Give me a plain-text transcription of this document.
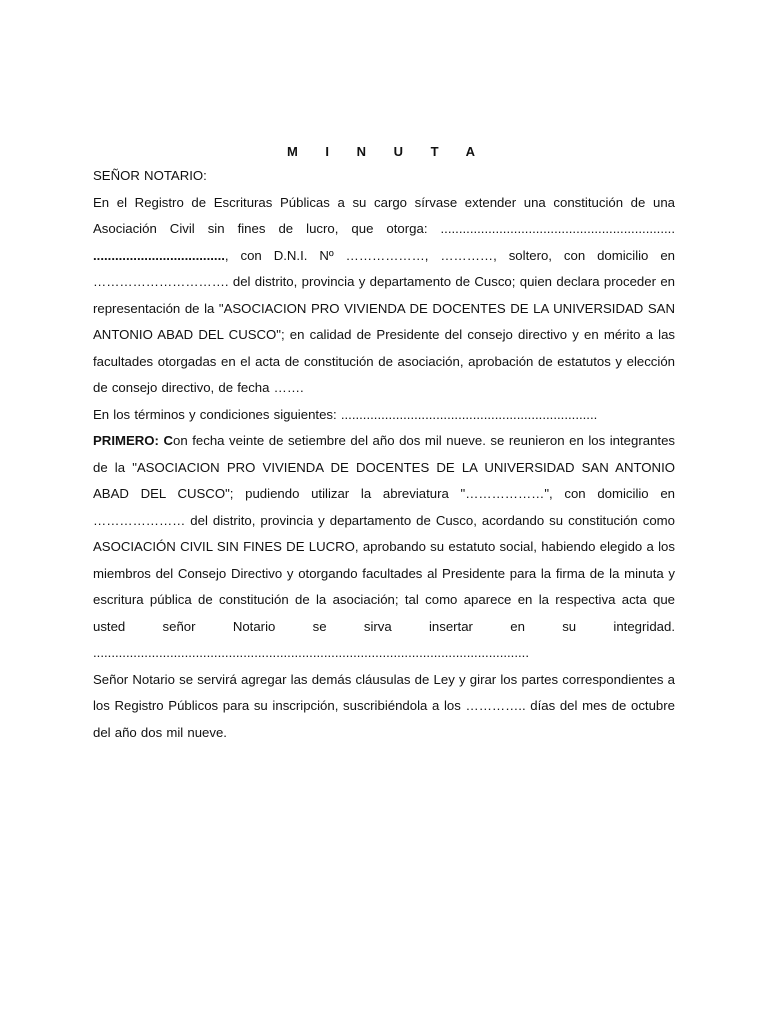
M I N U T A

SEÑOR NOTARIO:

En el Registro de Escrituras Públicas a su cargo sírvase extender una constitución de una Asociación Civil sin fines de lucro, que otorga: ................................................................ ...................................., con D.N.I. Nº ………………, …………, soltero, con domicilio en …………………………. del distrito, provincia y departamento de Cusco; quien declara proceder en representación de la "ASOCIACION PRO VIVIENDA DE DOCENTES DE LA UNIVERSIDAD SAN ANTONIO ABAD DEL CUSCO"; en calidad de Presidente del consejo directivo y en mérito a las facultades otorgadas en el acta de constitución de asociación, aprobación de estatutos y elección de consejo directivo, de fecha …….

En los términos y condiciones siguientes: ......................................................................

PRIMERO: Con fecha veinte de setiembre del año dos mil nueve. se reunieron en los integrantes de la "ASOCIACION PRO VIVIENDA DE DOCENTES DE LA UNIVERSIDAD SAN ANTONIO ABAD DEL CUSCO"; pudiendo utilizar la abreviatura "………………", con domicilio en ………………… del distrito, provincia y departamento de Cusco, acordando su constitución como ASOCIACIÓN CIVIL SIN FINES DE LUCRO, aprobando su estatuto social, habiendo elegido a los miembros del Consejo Directivo y otorgando facultades al Presidente para la firma de la minuta y escritura pública de constitución de la asociación; tal como aparece en la respectiva acta que usted señor Notario se sirva insertar en su integridad. .......................................................................................................................

Señor Notario se servirá agregar las demás cláusulas de Ley y girar los partes correspondientes a los Registro Públicos para su inscripción, suscribiéndola a los ………….. días del mes de octubre del año dos mil nueve.
